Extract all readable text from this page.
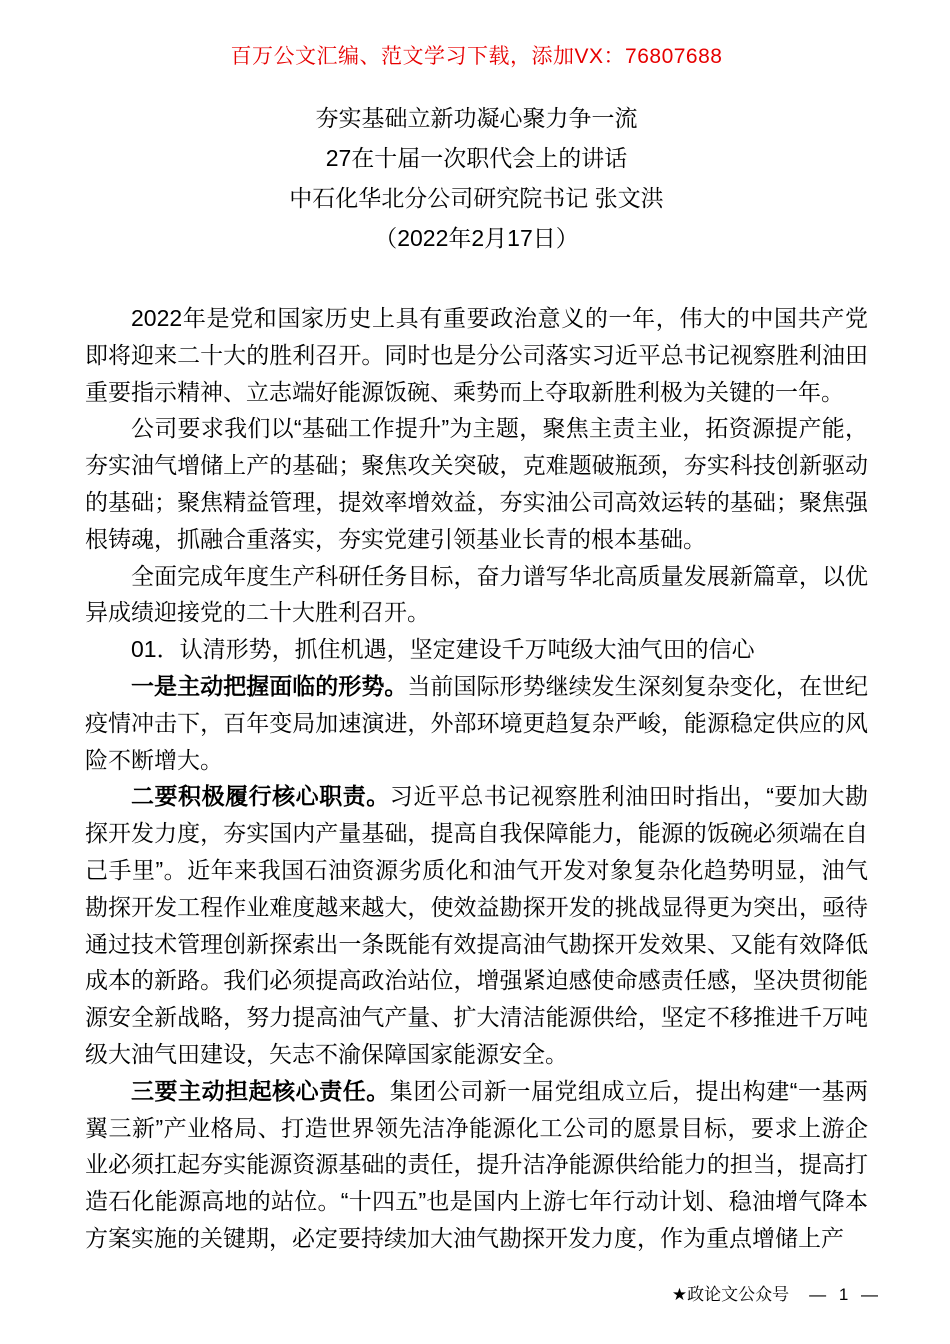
百万公文汇编、范文学习下载，添加VX：76807688
夯实基础立新功凝心聚力争一流
27在十届一次职代会上的讲话
中石化华北分公司研究院书记 张文洪
（2022年2月17日）

2022年是党和国家历史上具有重要政治意义的一年，伟大的中国共产党即将迎来二十大的胜利召开。同时也是分公司落实习近平总书记视察胜利油田重要指示精神、立志端好能源饭碗、乘势而上夺取新胜利极为关键的一年。

公司要求我们以“基础工作提升”为主题，聚焦主责主业，拓资源提产能，夯实油气增储上产的基础；聚焦攻关突破，克难题破瓶颈，夯实科技创新驱动的基础；聚焦精益管理，提效率增效益，夯实油公司高效运转的基础；聚焦强根铸魂，抓融合重落实，夯实党建引领基业长青的根本基础。

全面完成年度生产科研任务目标，奋力谱写华北高质量发展新篇章，以优异成绩迎接党的二十大胜利召开。

01．认清形势，抓住机遇，坚定建设千万吨级大油气田的信心

一是主动把握面临的形势。当前国际形势继续发生深刻复杂变化，在世纪疫情冲击下，百年变局加速演进，外部环境更趋复杂严峻，能源稳定供应的风险不断增大。

二要积极履行核心职责。习近平总书记视察胜利油田时指出，“要加大勘探开发力度，夯实国内产量基础，提高自我保障能力，能源的饭碗必须端在自己手里”。近年来我国石油资源劣质化和油气开发对象复杂化趋势明显，油气勘探开发工程作业难度越来越大，使效益勘探开发的挑战显得更为突出，亟待通过技术管理创新探索出一条既能有效提高油气勘探开发效果、又能有效降低成本的新路。我们必须提高政治站位，增强紧迫感使命感责任感，坚决贯彻能源安全新战略，努力提高油气产量、扩大清洁能源供给，坚定不移推进千万吨级大油气田建设，矢志不渝保障国家能源安全。

三要主动担起核心责任。集团公司新一届党组成立后，提出构建“一基两翼三新”产业格局、打造世界领先洁净能源化工公司的愿景目标，要求上游企业必须扛起夯实能源资源基础的责任，提升洁净能源供给能力的担当，提高打造石化能源高地的站位。“十四五”也是国内上游七年行动计划、稳油增气降本方案实施的关键期，必定要持续加大油气勘探开发力度，作为重点增储上产

★政论文公众号 — 1 —
